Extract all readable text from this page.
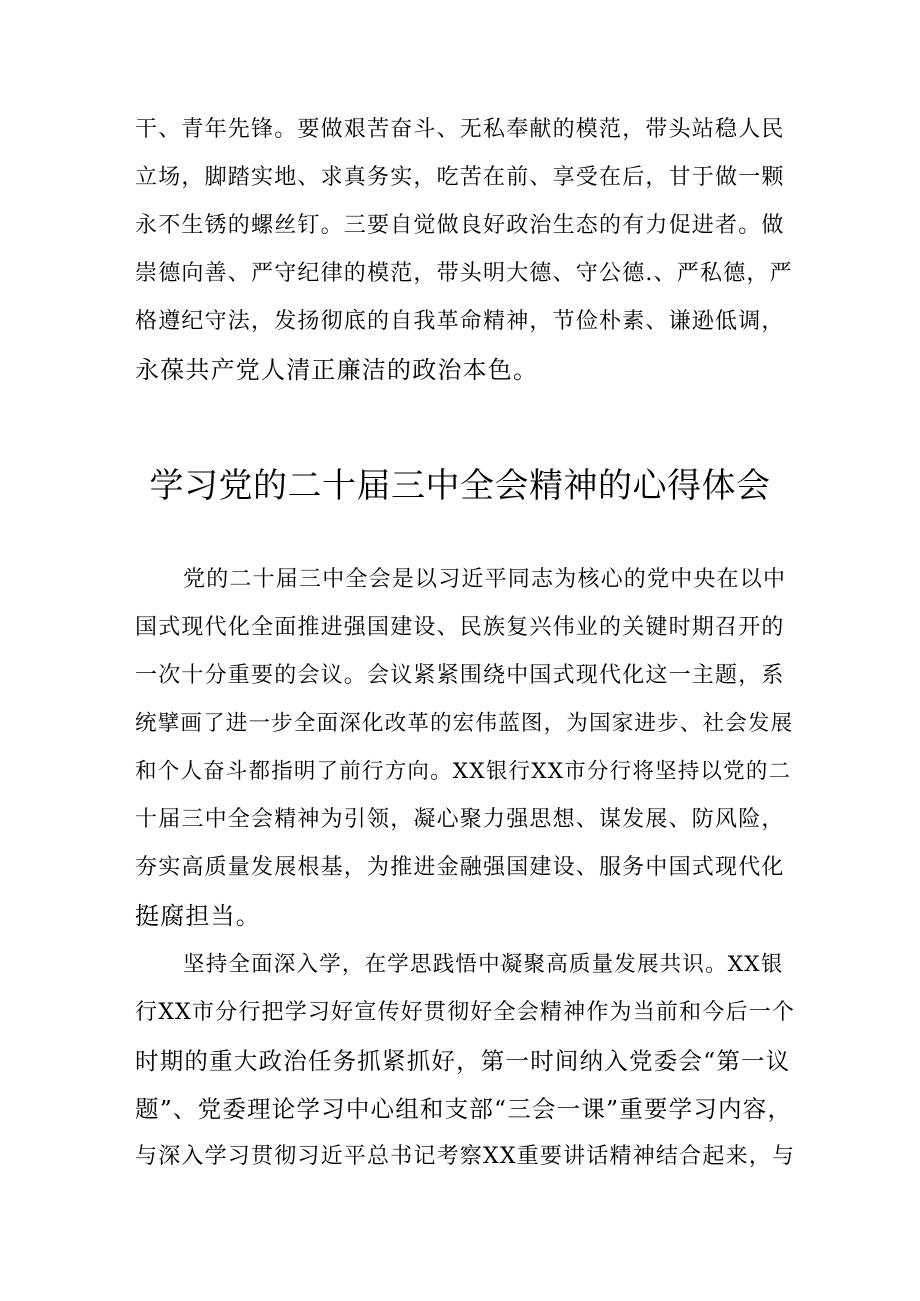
干、青年先锋。要做艰苦奋斗、无私奉献的模范，带头站稳人民
立场，脚踏实地、求真务实，吃苦在前、享受在后，甘于做一颗
永不生锈的螺丝钉。三要自觉做良好政治生态的有力促进者。做
崇德向善、严守纪律的模范，带头明大德、守公德.、严私德，严
格遵纪守法，发扬彻底的自我革命精神，节俭朴素、谦逊低调，
永葆共产党人清正廉洁的政治本色。
学习党的二十届三中全会精神的心得体会
党的二十届三中全会是以习近平同志为核心的党中央在以中
国式现代化全面推进强国建设、民族复兴伟业的关键时期召开的
一次十分重要的会议。会议紧紧围绕中国式现代化这一主题，系
统擘画了进一步全面深化改革的宏伟蓝图，为国家进步、社会发展
和个人奋斗都指明了前行方向。XX银行XX市分行将坚持以党的二
十届三中全会精神为引领，凝心聚力强思想、谋发展、防风险，
夯实高质量发展根基，为推进金融强国建设、服务中国式现代化
挺腐担当。
坚持全面深入学，在学思践悟中凝聚高质量发展共识。XX银
行XX市分行把学习好宣传好贯彻好全会精神作为当前和今后一个
时期的重大政治任务抓紧抓好，第一时间纳入党委会“第一议
题”、党委理论学习中心组和支部“三会一课”重要学习内容，
与深入学习贯彻习近平总书记考察XX重要讲话精神结合起来，与
